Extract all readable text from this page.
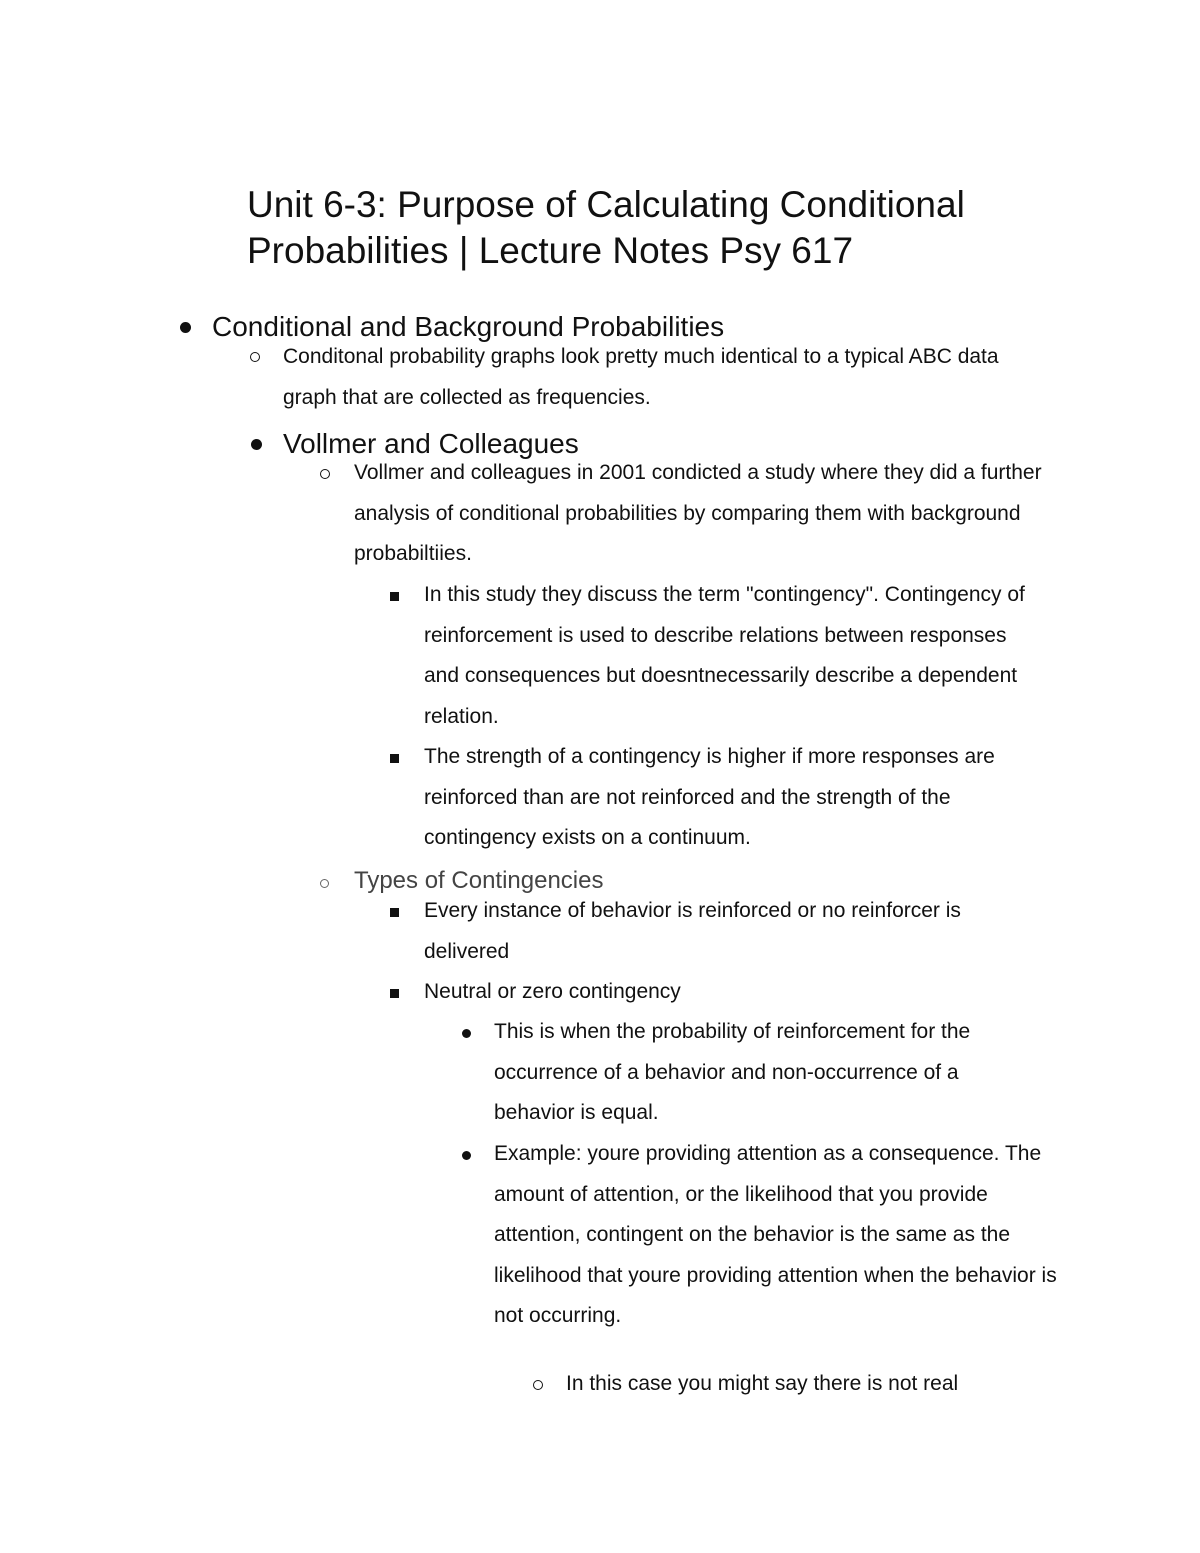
Unit 6-3: Purpose of Calculating Conditional Probabilities | Lecture Notes Psy 617
Conditional and Background Probabilities

Conditonal probability graphs look pretty much identical to a typical ABC data graph that are collected as frequencies.

Vollmer and Colleagues

Vollmer and colleagues in 2001 condicted a study where they did a further analysis of conditional probabilities by comparing them with background probabiltiies.

In this study they discuss the term "contingency". Contingency of reinforcement is used to describe relations between responses and consequences but doesntnecessarily describe a dependent relation.

The strength of a contingency is higher if more responses are reinforced than are not reinforced and the strength of the contingency exists on a continuum.

Types of Contingencies

Every instance of behavior is reinforced or no reinforcer is delivered

Neutral or zero contingency

This is when the probability of reinforcement for the occurrence of a behavior and non-occurrence of a behavior is equal.

Example: youre providing attention as a consequence. The amount of attention, or the likelihood that you provide attention, contingent on the behavior is the same as the likelihood that youre providing attention when the behavior is not occurring.

In this case you might say there is not real
